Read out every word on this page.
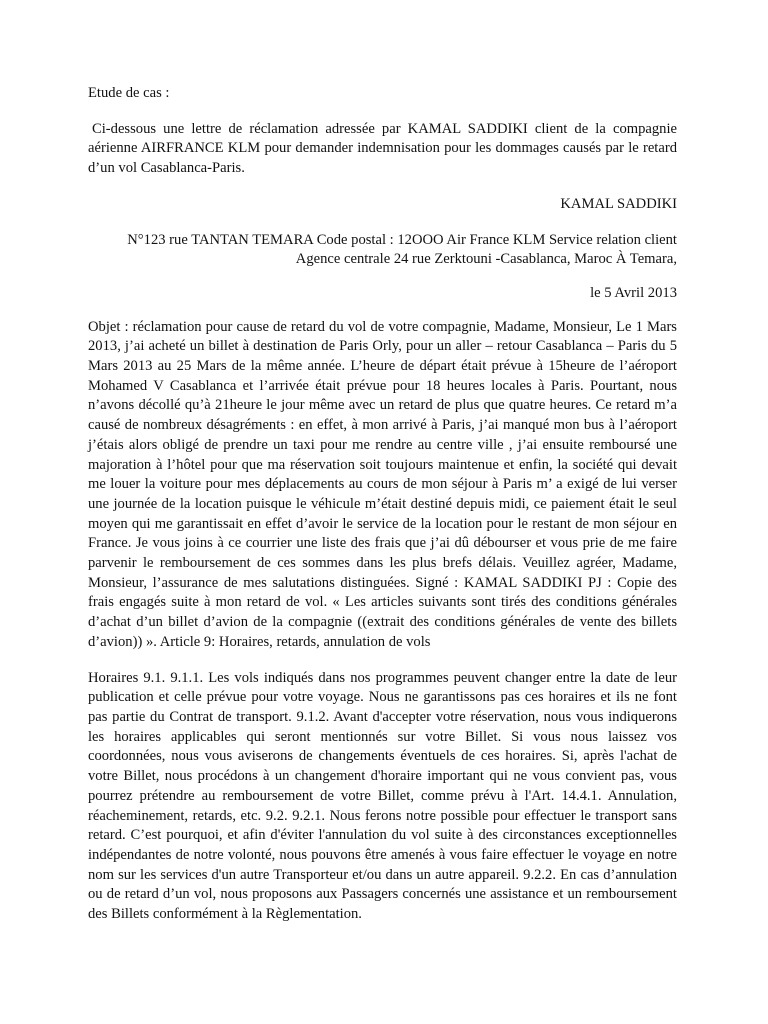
Etude de cas :

Ci-dessous une lettre de réclamation adressée par KAMAL SADDIKI client de la compagnie aérienne AIRFRANCE KLM pour demander indemnisation pour les dommages causés par le retard d’un vol Casablanca-Paris.

KAMAL SADDIKI

N°123 rue TANTAN TEMARA Code postal : 12OOO Air France KLM Service relation client Agence centrale 24 rue Zerktouni -Casablanca, Maroc À Temara,

le 5 Avril 2013

Objet : réclamation pour cause de retard du vol de votre compagnie, Madame, Monsieur, Le 1 Mars 2013, j’ai acheté un billet à destination de Paris Orly, pour un aller – retour Casablanca – Paris du 5 Mars 2013 au 25 Mars de la même année. L’heure de départ était prévue à 15heure de l’aéroport Mohamed V Casablanca et l’arrivée était prévue pour 18 heures locales à Paris. Pourtant, nous n’avons décollé qu’à 21heure le jour même avec un retard de plus que quatre heures. Ce retard m’a causé de nombreux désagréments : en effet, à mon arrivé à Paris, j’ai manqué mon bus à l’aéroport j’étais alors obligé de prendre un taxi pour me rendre au centre ville , j’ai ensuite remboursé une majoration à l’hôtel pour que ma réservation soit toujours maintenue et enfin, la société qui devait me louer la voiture pour mes déplacements au cours de mon séjour à Paris m’ a exigé de lui verser une journée de la location puisque le véhicule m’était destiné depuis midi, ce paiement était le seul moyen qui me garantissait en effet d’avoir le service de la location pour le restant de mon séjour en France. Je vous joins à ce courrier une liste des frais que j’ai dû débourser et vous prie de me faire parvenir le remboursement de ces sommes dans les plus brefs délais. Veuillez agréer, Madame, Monsieur, l’assurance de mes salutations distinguées. Signé : KAMAL SADDIKI PJ : Copie des frais engagés suite à mon retard de vol. « Les articles suivants sont tirés des conditions générales d’achat d’un billet d’avion de la compagnie ((extrait des conditions générales de vente des billets d’avion)) ». Article 9: Horaires, retards, annulation de vols

Horaires 9.1. 9.1.1. Les vols indiqués dans nos programmes peuvent changer entre la date de leur publication et celle prévue pour votre voyage. Nous ne garantissons pas ces horaires et ils ne font pas partie du Contrat de transport. 9.1.2. Avant d'accepter votre réservation, nous vous indiquerons les horaires applicables qui seront mentionnés sur votre Billet. Si vous nous laissez vos coordonnées, nous vous aviserons de changements éventuels de ces horaires. Si, après l'achat de votre Billet, nous procédons à un changement d'horaire important qui ne vous convient pas, vous pourrez prétendre au remboursement de votre Billet, comme prévu à l'Art. 14.4.1. Annulation, réacheminement, retards, etc. 9.2. 9.2.1. Nous ferons notre possible pour effectuer le transport sans retard. C’est pourquoi, et afin d'éviter l'annulation du vol suite à des circonstances exceptionnelles indépendantes de notre volonté, nous pouvons être amenés à vous faire effectuer le voyage en notre nom sur les services d'un autre Transporteur et/ou dans un autre appareil. 9.2.2. En cas d’annulation ou de retard d’un vol, nous proposons aux Passagers concernés une assistance et un remboursement des Billets conformément à la Règlementation.
